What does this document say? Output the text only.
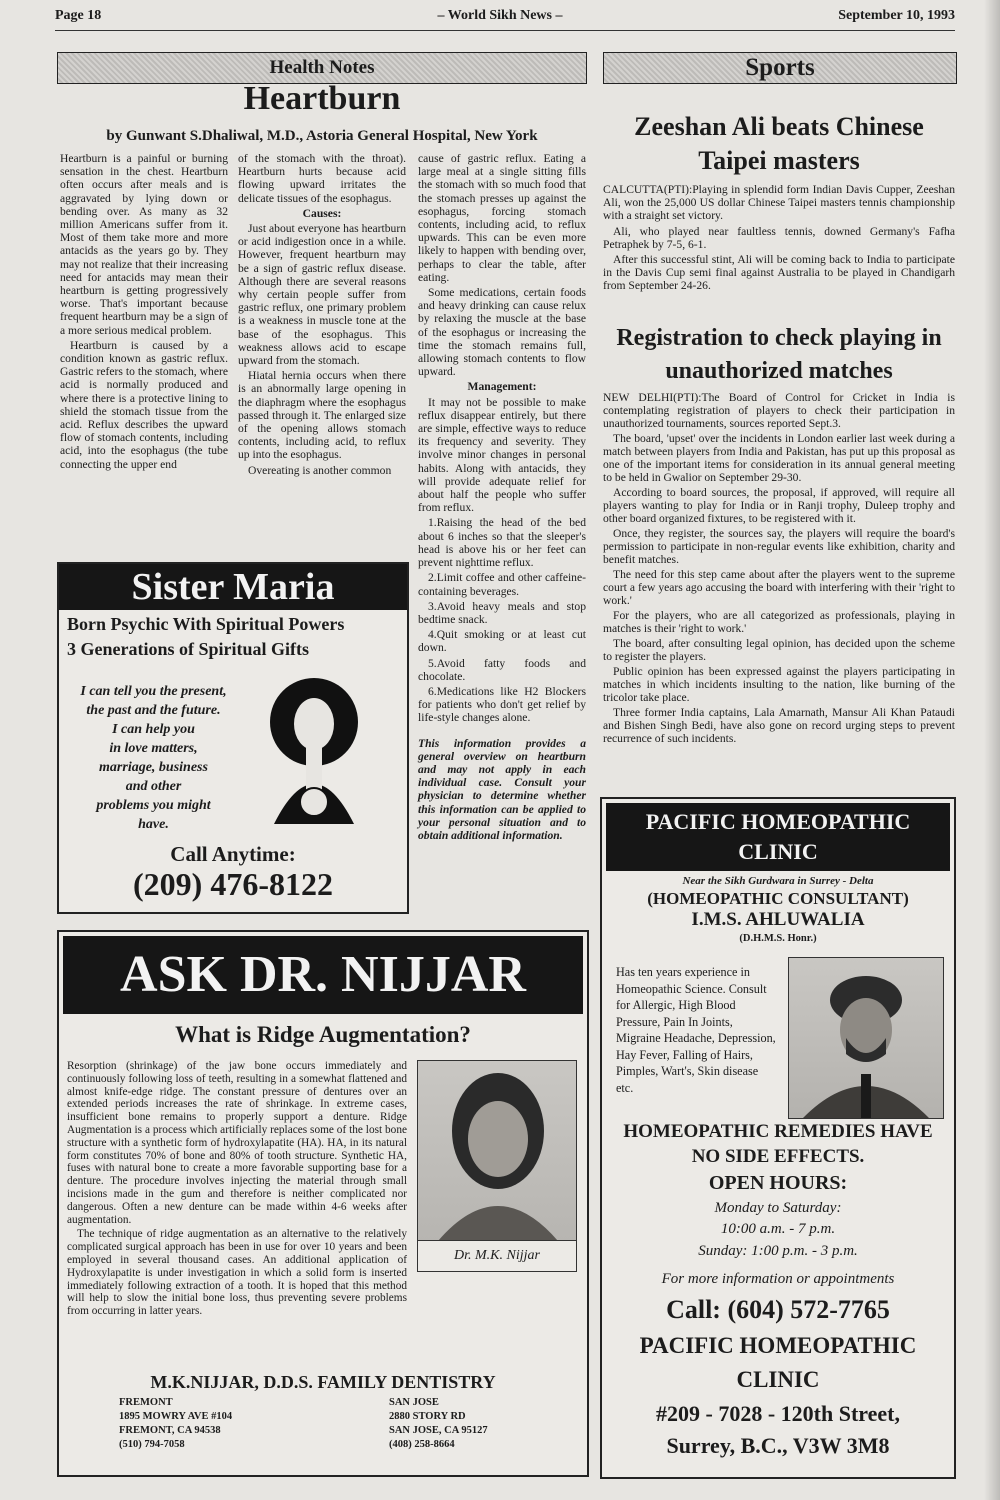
Page 18	– World Sikh News –	September 10, 1993
Health Notes
Heartburn
by Gunwant S.Dhaliwal, M.D., Astoria General Hospital, New York

Heartburn is a painful or burning sensation in the chest. Heartburn often occurs after meals and is aggravated by lying down or bending over. As many as 32 million Americans suffer from it. Most of them take more and more antacids as the years go by. They may not realize that their increasing need for antacids may mean their heartburn is getting progressively worse. That's important because frequent heartburn may be a sign of a more serious medical problem.

Heartburn is caused by a condition known as gastric reflux. Gastric refers to the stomach, where acid is normally produced and where there is a protective lining to shield the stomach tissue from the acid. Reflux describes the upward flow of stomach contents, including acid, into the esophagus (the tube connecting the upper end

of the stomach with the throat). Heartburn hurts because acid flowing upward irritates the delicate tissues of the esophagus.

Causes:

Just about everyone has heartburn or acid indigestion once in a while. However, frequent heartburn may be a sign of gastric reflux disease. Although there are several reasons why certain people suffer from gastric reflux, one primary problem is a weakness in muscle tone at the base of the esophagus. This weakness allows acid to escape upward from the stomach.

Hiatal hernia occurs when there is an abnormally large opening in the diaphragm where the esophagus passed through it. The enlarged size of the opening allows stomach contents, including acid, to reflux up into the esophagus.

Overeating is another common

cause of gastric reflux. Eating a large meal at a single sitting fills the stomach with so much food that the stomach presses up against the esophagus, forcing stomach contents, including acid, to reflux upwards. This can be even more likely to happen with bending over, perhaps to clear the table, after eating.

Some medications, certain foods and heavy drinking can cause relux by relaxing the muscle at the base of the esophagus or increasing the time the stomach remains full, allowing stomach contents to flow upward.

Management:

It may not be possible to make reflux disappear entirely, but there are simple, effective ways to reduce its frequency and severity. They involve minor changes in personal habits. Along with antacids, they will provide adequate relief for about half the people who suffer from reflux.

1.Raising the head of the bed about 6 inches so that the sleeper's head is above his or her feet can prevent nighttime reflux.

2.Limit coffee and other caffeine-containing beverages.

3.Avoid heavy meals and stop bedtime snack.

4.Quit smoking or at least cut down.

5.Avoid fatty foods and chocolate.

6.Medications like H2 Blockers for patients who don't get relief by life-style changes alone.

This information provides a general overview on heartburn and may not apply in each individual case. Consult your physician to determine whether this information can be applied to your personal situation and to obtain additional information.

Sister Maria
Born Psychic With Spiritual Powers
3 Generations of Spiritual Gifts
I can tell you the present,
the past and the future.
I can help you
in love matters,
marriage, business
and other
problems you might
have.
Call Anytime:
(209) 476-8122
ASK DR. NIJJAR
What is Ridge Augmentation?

Resorption (shrinkage) of the jaw bone occurs immediately and continuously following loss of teeth, resulting in a somewhat flattened and almost knife-edge ridge. The constant pressure of dentures over an extended periods increases the rate of shrinkage. In extreme cases, insufficient bone remains to properly support a denture. Ridge Augmentation is a process which artificially replaces some of the lost bone structure with a synthetic form of hydroxylapatite (HA). HA, in its natural form constitutes 70% of bone and 80% of tooth structure. Synthetic HA, fuses with natural bone to create a more favorable supporting base for a denture. The procedure involves injecting the material through small incisions made in the gum and therefore is neither complicated nor dangerous. Often a new denture can be made within 4-6 weeks after augmentation.

The technique of ridge augmentation as an alternative to the relatively complicated surgical approach has been in use for over 10 years and been employed in several thousand cases. An additional application of Hydroxylapatite is under investigation in which a solid form is inserted immediately following extraction of a tooth. It is hoped that this method will help to slow the initial bone loss, thus preventing severe problems from occurring in latter years.

Dr. M.K. Nijjar
M.K.NIJJAR, D.D.S. FAMILY DENTISTRY
FREMONT
1895 MOWRY AVE #104
FREMONT, CA 94538
(510) 794-7058
SAN JOSE
2880 STORY RD
SAN JOSE, CA 95127
(408) 258-8664
Sports
Zeeshan Ali beats Chinese Taipei masters

CALCUTTA(PTI):Playing in splendid form Indian Davis Cupper, Zeeshan Ali, won the 25,000 US dollar Chinese Taipei masters tennis championship with a straight set victory.

Ali, who played near faultless tennis, downed Germany's Fafha Petraphek by 7-5, 6-1.

After this successful stint, Ali will be coming back to India to participate in the Davis Cup semi final against Australia to be played in Chandigarh from September 24-26.

Registration to check playing in unauthorized matches

NEW DELHI(PTI):The Board of Control for Cricket in India is contemplating registration of players to check their participation in unauthorized tournaments, sources reported Sept.3.

The board, 'upset' over the incidents in London earlier last week during a match between players from India and Pakistan, has put up this proposal as one of the important items for consideration in its annual general meeting to be held in Gwalior on September 29-30.

According to board sources, the proposal, if approved, will require all players wanting to play for India or in Ranji trophy, Duleep trophy and other board organized fixtures, to be registered with it.

Once, they register, the sources say, the players will require the board's permission to participate in non-regular events like exhibition, charity and benefit matches.

The need for this step came about after the players went to the supreme court a few years ago accusing the board with interfering with their 'right to work.'

For the players, who are all categorized as professionals, playing in matches is their 'right to work.'

The board, after consulting legal opinion, has decided upon the scheme to register the players.

Public opinion has been expressed against the players participating in matches in which incidents insulting to the nation, like burning of the tricolor take place.

Three former India captains, Lala Amarnath, Mansur Ali Khan Pataudi and Bishen Singh Bedi, have also gone on record urging steps to prevent recurrence of such incidents.

PACIFIC HOMEOPATHIC CLINIC
Near the Sikh Gurdwara in Surrey - Delta
(HOMEOPATHIC CONSULTANT)
I.M.S. AHLUWALIA
(D.H.M.S. Honr.)
Has ten years experience in Homeopathic Science. Consult for Allergic, High Blood Pressure, Pain In Joints, Migraine Headache, Depression, Hay Fever, Falling of Hairs, Pimples, Wart's, Skin disease etc.
HOMEOPATHIC REMEDIES HAVE NO SIDE EFFECTS.
OPEN HOURS:
Monday to Saturday:
10:00 a.m. - 7 p.m.
Sunday: 1:00 p.m. - 3 p.m.
For more information or appointments
Call: (604) 572-7765
PACIFIC HOMEOPATHIC CLINIC
#209 - 7028 - 120th Street,
Surrey, B.C., V3W 3M8
